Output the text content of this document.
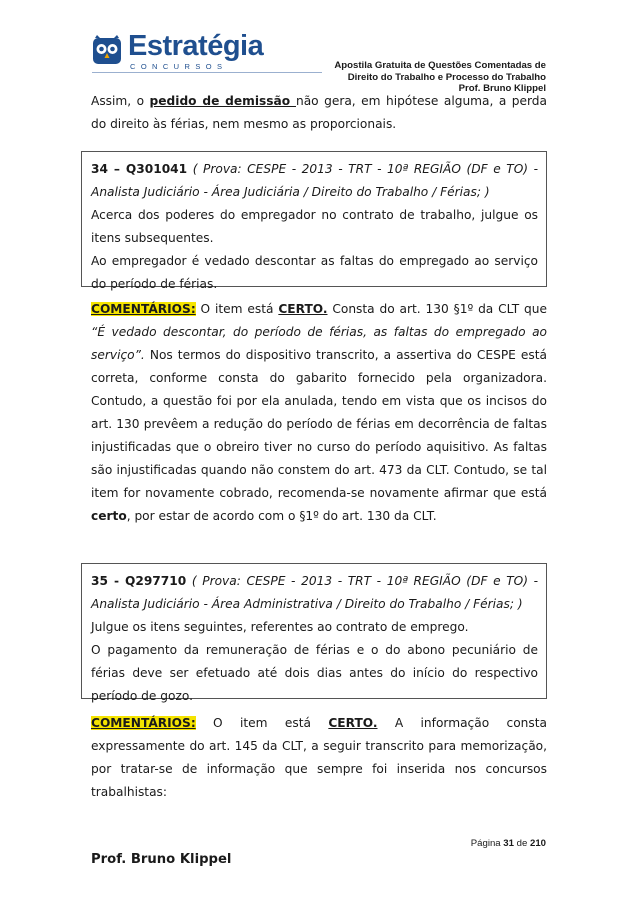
Estratégia
CONCURSOS	Apostila Gratuita de Questões Comentadas de
Direito do Trabalho e Processo do Trabalho
Prof. Bruno Klippel

Assim, o pedido de demissão não gera, em hipótese alguma, a perda do direito às férias, nem mesmo as proporcionais.

34 – Q301041 ( Prova: CESPE - 2013 - TRT - 10ª REGIÃO (DF e TO) - Analista Judiciário - Área Judiciária / Direito do Trabalho / Férias; )

Acerca dos poderes do empregador no contrato de trabalho, julgue os itens subsequentes.

Ao empregador é vedado descontar as faltas do empregado ao serviço do período de férias.

COMENTÁRIOS: O item está CERTO. Consta do art. 130 §1º da CLT que “É vedado descontar, do período de férias, as faltas do empregado ao serviço”. Nos termos do dispositivo transcrito, a assertiva do CESPE está correta, conforme consta do gabarito fornecido pela organizadora. Contudo, a questão foi por ela anulada, tendo em vista que os incisos do art. 130 prevêem a redução do período de férias em decorrência de faltas injustificadas que o obreiro tiver no curso do período aquisitivo. As faltas são injustificadas quando não constem do art. 473 da CLT. Contudo, se tal item for novamente cobrado, recomenda-se novamente afirmar que está certo, por estar de acordo com o §1º do art. 130 da CLT.

35 - Q297710 ( Prova: CESPE - 2013 - TRT - 10ª REGIÃO (DF e TO) - Analista Judiciário - Área Administrativa / Direito do Trabalho / Férias; )

Julgue os itens seguintes, referentes ao contrato de emprego.

O pagamento da remuneração de férias e o do abono pecuniário de férias deve ser efetuado até dois dias antes do início do respectivo período de gozo.

COMENTÁRIOS: O item está CERTO. A informação consta expressamente do art. 145 da CLT, a seguir transcrito para memorização, por tratar-se de informação que sempre foi inserida nos concursos trabalhistas:

Página 31 de 210
Prof. Bruno Klippel
